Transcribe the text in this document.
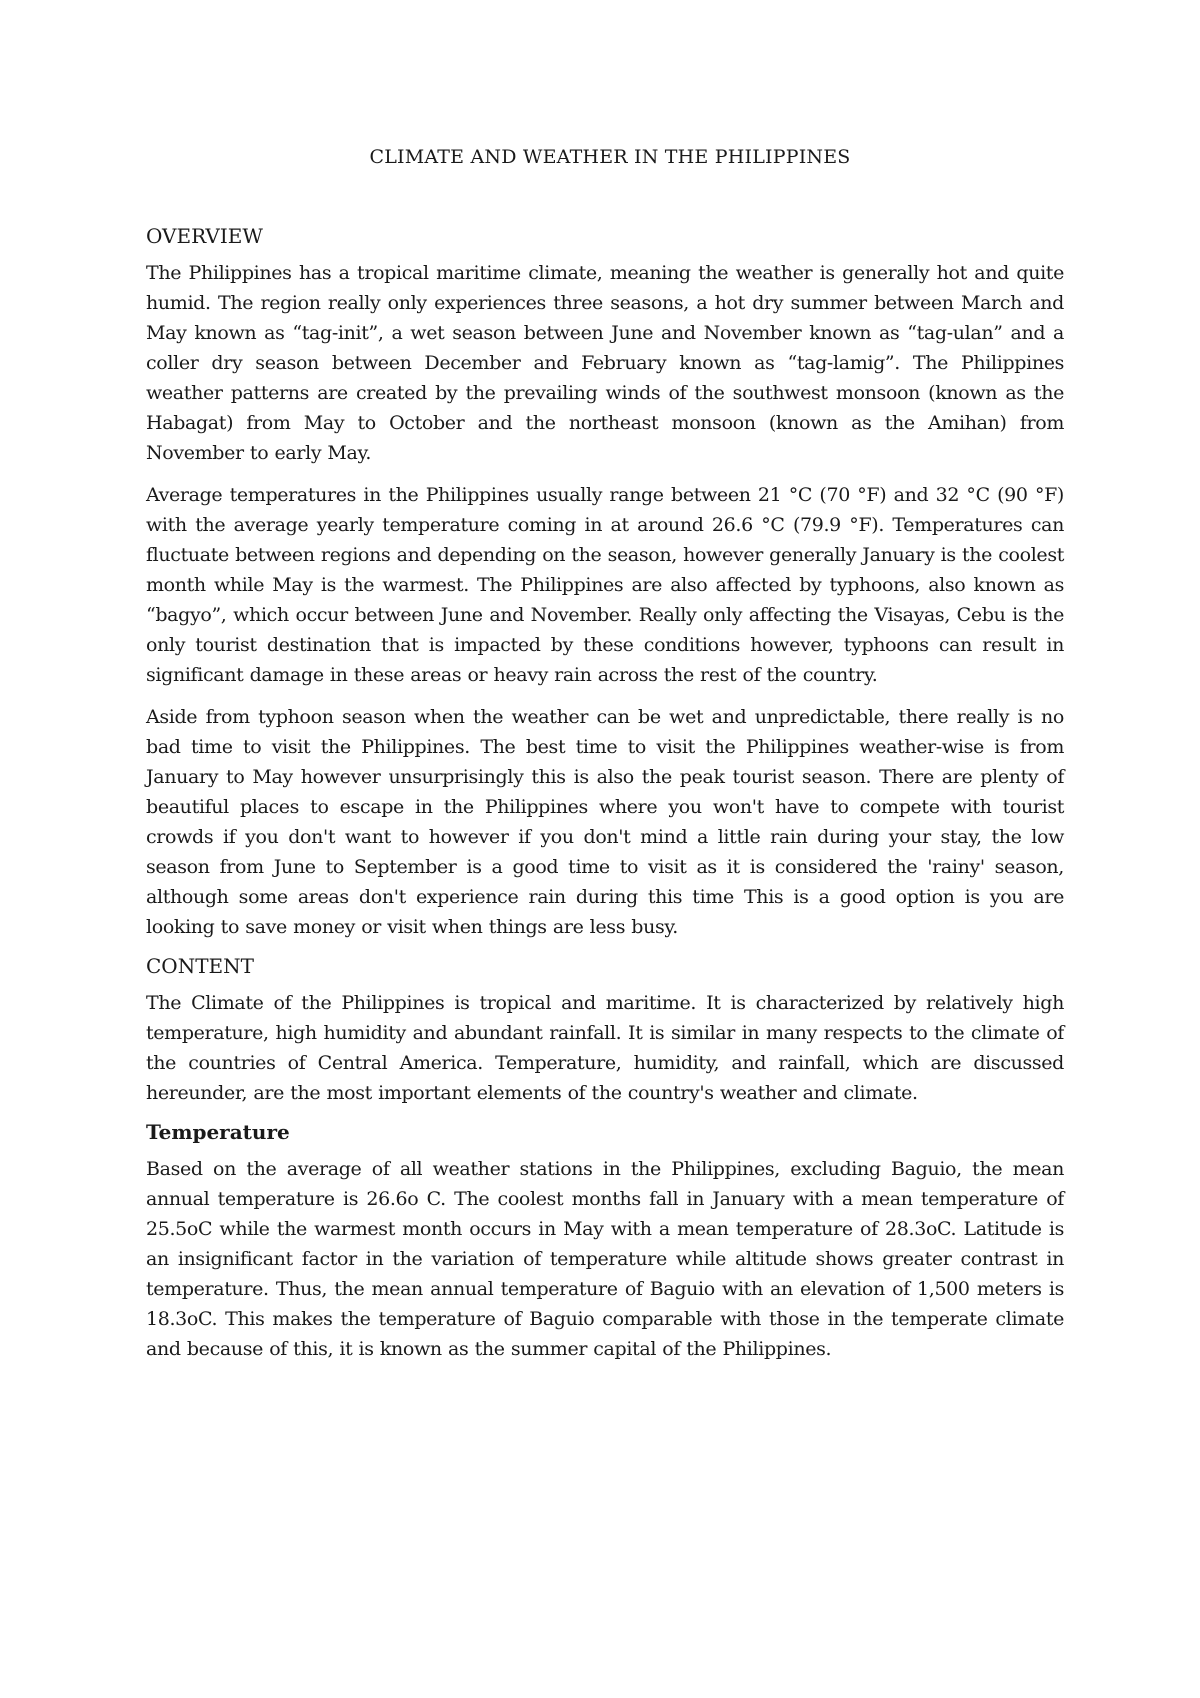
CLIMATE AND WEATHER IN THE PHILIPPINES
OVERVIEW

The Philippines has a tropical maritime climate, meaning the weather is generally hot and quite humid. The region really only experiences three seasons, a hot dry summer between March and May known as “tag-init”, a wet season between June and November known as “tag-ulan” and a coller dry season between December and February known as “tag-lamig”. The Philippines weather patterns are created by the prevailing winds of the southwest monsoon (known as the Habagat) from May to October and the northeast monsoon (known as the Amihan) from November to early May.

Average temperatures in the Philippines usually range between 21 °C (70 °F) and 32 °C (90 °F) with the average yearly temperature coming in at around 26.6 °C (79.9 °F). Temperatures can fluctuate between regions and depending on the season, however generally January is the coolest month while May is the warmest. The Philippines are also affected by typhoons, also known as “bagyo”, which occur between June and November. Really only affecting the Visayas, Cebu is the only tourist destination that is impacted by these conditions however, typhoons can result in significant damage in these areas or heavy rain across the rest of the country.

Aside from typhoon season when the weather can be wet and unpredictable, there really is no bad time to visit the Philippines. The best time to visit the Philippines weather-wise is from January to May however unsurprisingly this is also the peak tourist season. There are plenty of beautiful places to escape in the Philippines where you won't have to compete with tourist crowds if you don't want to however if you don't mind a little rain during your stay, the low season from June to September is a good time to visit as it is considered the 'rainy' season, although some areas don't experience rain during this time This is a good option is you are looking to save money or visit when things are less busy.

CONTENT

The Climate of the Philippines is tropical and maritime. It is characterized by relatively high temperature, high humidity and abundant rainfall. It is similar in many respects to the climate of the countries of Central America. Temperature, humidity, and rainfall, which are discussed hereunder, are the most important elements of the country's weather and climate.

Temperature

Based on the average of all weather stations in the Philippines, excluding Baguio, the mean annual temperature is 26.6o C. The coolest months fall in January with a mean temperature of 25.5oC while the warmest month occurs in May with a mean temperature of 28.3oC. Latitude is an insignificant factor in the variation of temperature while altitude shows greater contrast in temperature. Thus, the mean annual temperature of Baguio with an elevation of 1,500 meters is 18.3oC. This makes the temperature of Baguio comparable with those in the temperate climate and because of this, it is known as the summer capital of the Philippines.
